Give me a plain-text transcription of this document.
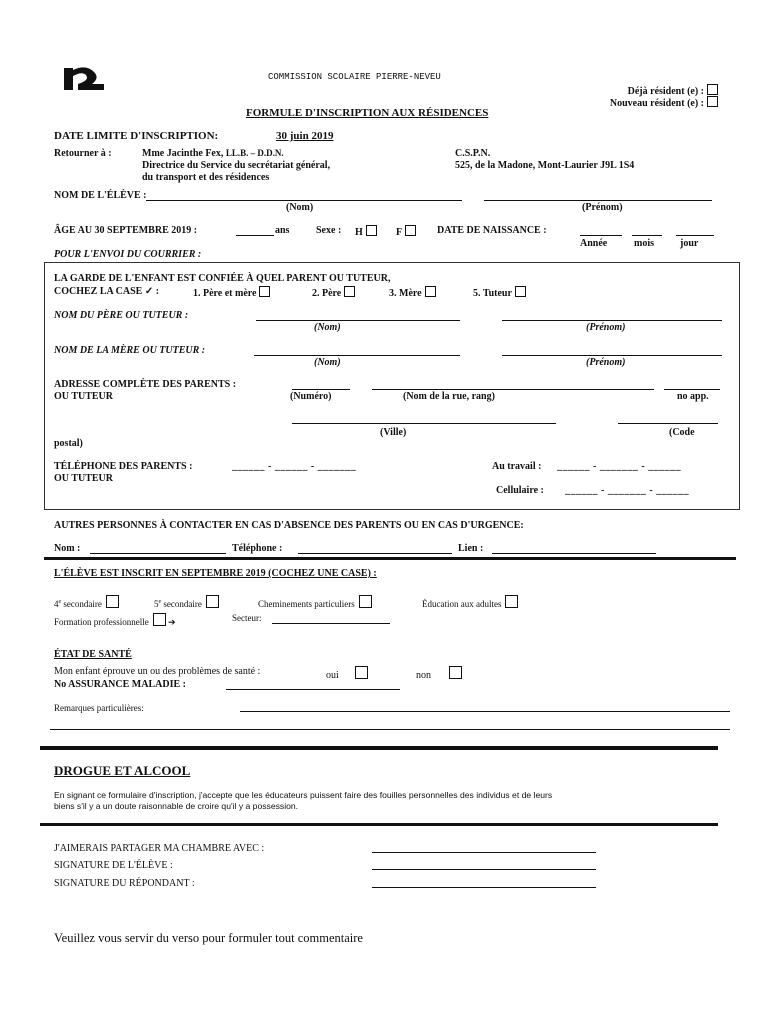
COMMISSION SCOLAIRE PIERRE-NEVEU
Déjà résident (e) :
Nouveau résident (e) :
FORMULE D'INSCRIPTION AUX RÉSIDENCES
DATE LIMITE D'INSCRIPTION:	30 juin 2019
Retourner à :	Mme Jacinthe Fex, LL.B. – D.D.N.
Directrice du Service du secrétariat général,
du transport et des résidences
C.S.P.N.
525, de la Madone, Mont-Laurier J9L 1S4
NOM DE L'ÉLÈVE :
(Nom)	(Prénom)
ÂGE AU 30 SEPTEMBRE 2019 :	ans	Sexe : H	F	DATE DE NAISSANCE :
Année	mois	jour
POUR L'ENVOI DU COURRIER :
LA GARDE DE L'ENFANT EST CONFIÉE À QUEL PARENT OU TUTEUR,
COCHEZ LA CASE ✓ :	1. Père et mère	2. Père	3. Mère	5. Tuteur
NOM DU PÈRE OU TUTEUR :
(Nom)	(Prénom)
NOM DE LA MÈRE OU TUTEUR :
(Nom)	(Prénom)
ADRESSE COMPLÈTE DES PARENTS :
OU TUTEUR	(Numéro)	(Nom de la rue, rang)	no app.
(Ville)	(Code
postal)
TÉLÉPHONE DES PARENTS :
OU TUTEUR
______ - ______ - _______	Au travail : ______ - _______ - ______
Cellulaire : ______ - _______ - ______
AUTRES PERSONNES À CONTACTER EN CAS D'ABSENCE DES PARENTS OU EN CAS D'URGENCE:
Nom :	Téléphone :	Lien :
L'ÉLÈVE EST INSCRIT EN SEPTEMBRE 2019 (COCHEZ UNE CASE) :
4e secondaire	5e secondaire	Cheminements particuliers	Éducation aux adultes
Formation professionnelle ➔	Secteur:
ÉTAT DE SANTÉ
Mon enfant éprouve un ou des problèmes de santé :	oui	non
No ASSURANCE MALADIE :
Remarques particulières:
DROGUE ET ALCOOL
En signant ce formulaire d'inscription, j'accepte que les éducateurs puissent faire des fouilles personnelles des individus et de leurs
biens s'il y a un doute raisonnable de croire qu'il y a possession.
J'AIMERAIS PARTAGER MA CHAMBRE AVEC :
SIGNATURE DE L'ÉLÈVE :
SIGNATURE DU RÉPONDANT :
Veuillez vous servir du verso pour formuler tout commentaire
